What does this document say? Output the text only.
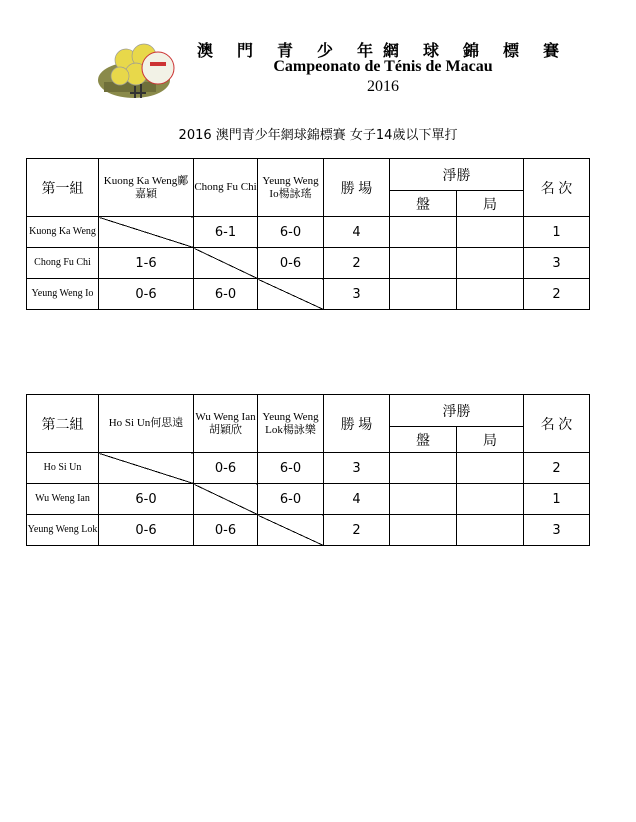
澳 門 青 少 年網 球 錦 標 賽
Campeonato de Ténis de Macau
2016
2016 澳門青少年網球錦標賽 女子14歲以下單打
第一組	Kuong Ka Weng鄺嘉穎	Chong Fu Chi	Yeung Weng Io楊詠瑤	勝 場	淨勝		名 次
					盤	局	
Kuong Ka Weng		6-1	6-0	4			1
Chong Fu Chi	1-6		0-6	2			3
Yeung Weng Io	0-6	6-0		3			2
第二組	Ho Si Un何思遠	Wu Weng Ian胡穎欣	Yeung Weng Lok楊詠樂	勝 場	淨勝		名 次
					盤	局	
Ho Si Un		0-6	6-0	3			2
Wu Weng Ian	6-0		6-0	4			1
Yeung Weng Lok	0-6	0-6		2			3
